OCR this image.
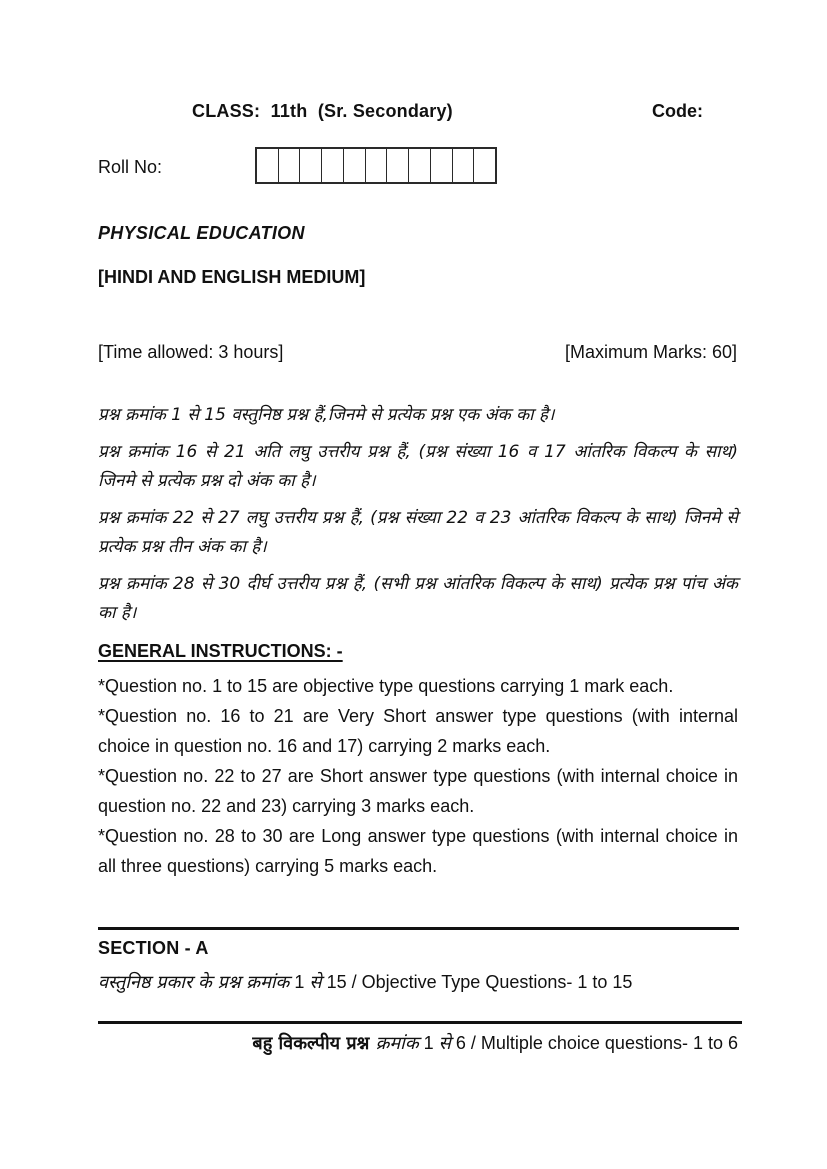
CLASS:  11th  (Sr. Secondary)	Code:
Roll No:
PHYSICAL EDUCATION
[HINDI AND ENGLISH MEDIUM]
[Time allowed: 3 hours]	[Maximum Marks: 60]

प्रश्न क्रमांक 1 से 15 वस्तुनिष्ठ प्रश्न हैं,जिनमे से प्रत्येक प्रश्न एक अंक का है।

प्रश्न क्रमांक 16 से 21 अति लघु उत्तरीय प्रश्न हैं, (प्रश्न संख्या 16 व 17 आंतरिक विकल्प के साथ) जिनमे से प्रत्येक प्रश्न दो अंक का है।

प्रश्न क्रमांक 22 से 27 लघु उत्तरीय प्रश्न हैं, (प्रश्न संख्या 22 व 23 आंतरिक विकल्प के साथ) जिनमे से प्रत्येक प्रश्न तीन अंक का है।

प्रश्न क्रमांक 28 से 30 दीर्घ उत्तरीय प्रश्न हैं, (सभी प्रश्न आंतरिक विकल्प के साथ) प्रत्येक प्रश्न पांच अंक का है।

GENERAL INSTRUCTIONS: -

*Question no. 1 to 15 are objective type questions carrying 1 mark each.

*Question no. 16 to 21 are Very Short answer type questions (with internal choice in question no. 16 and 17) carrying 2 marks each.

*Question no. 22 to 27 are Short answer type questions (with internal choice in question no. 22 and 23) carrying 3 marks each.

*Question no. 28 to 30 are Long answer type questions (with internal choice in all three questions) carrying 5 marks each.

SECTION - A
वस्तुनिष्ठ प्रकार के प्रश्न क्रमांक 1 से 15 / Objective Type Questions- 1 to 15
बहु विकल्पीय प्रश्न क्रमांक 1 से 6 / Multiple choice questions- 1 to 6
